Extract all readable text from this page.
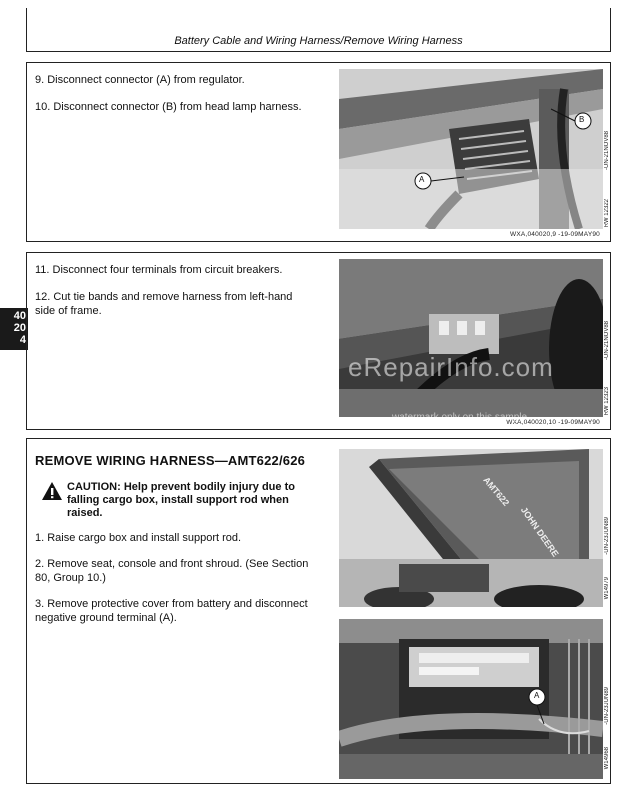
Battery Cable and Wiring Harness/Remove Wiring Harness
9. Disconnect connector (A) from regulator.
10. Disconnect connector (B) from head lamp harness.
A
B
-UN-21NOV88
RW 12322
WXA,040020,9 -19-09MAY90
40
20
4
11. Disconnect four terminals from circuit breakers.
12. Cut tie bands and remove harness from left-hand side of frame.
-UN-21NOV88
RW 12323
WXA,040020,10 -19-09MAY90
eRepairInfo.com
watermark only on this sample
REMOVE WIRING HARNESS—AMT622/626
CAUTION: Help prevent bodily injury due to falling cargo box, install support rod when raised.
1. Raise cargo box and install support rod.
2. Remove seat, console and front shroud. (See Section 80, Group 10.)
3. Remove protective cover from battery and disconnect negative ground terminal (A).
AMT622
JOHN DEERE	-UN-23JUN89
W14979
A	-UN-23JUN89
W14968
